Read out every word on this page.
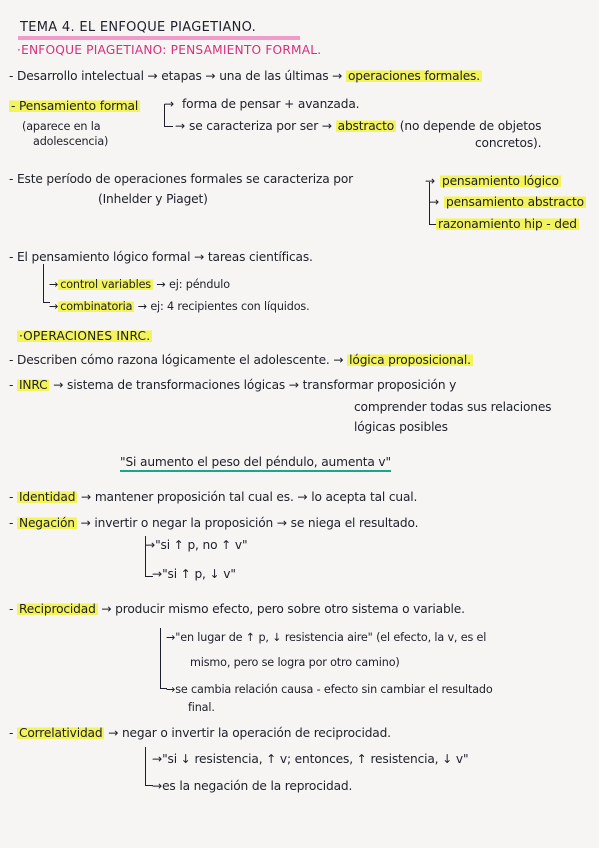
TEMA 4. EL ENFOQUE PIAGETIANO.
·ENFOQUE PIAGETIANO: PENSAMIENTO FORMAL.
- Desarrollo intelectual → etapas → una de las últimas → operaciones formales.
- Pensamiento formal
(aparece en la
adolescencia)
→ forma de pensar + avanzada.
→ se caracteriza por ser → abstracto (no depende de objetos
concretos).
- Este período de operaciones formales se caracteriza por
(Inhelder y Piaget)
→ pensamiento lógico
→ pensamiento abstracto
razonamiento hip - ded
- El pensamiento lógico formal → tareas científicas.
→ control variables → ej: péndulo
→ combinatoria → ej: 4 recipientes con líquidos.
·OPERACIONES INRC.
- Describen cómo razona lógicamente el adolescente. → lógica proposicional.
- INRC → sistema de transformaciones lógicas → transformar proposición y
comprender todas sus relaciones
lógicas posibles
"Si aumento el peso del péndulo, aumenta v"
- Identidad → mantener proposición tal cual es. → lo acepta tal cual.
- Negación → invertir o negar la proposición → se niega el resultado.
→"si ↑ p, no ↑ v"
→"si ↑ p, ↓ v"
- Reciprocidad → producir mismo efecto, pero sobre otro sistema o variable.
→"en lugar de ↑ p, ↓ resistencia aire" (el efecto, la v, es el
mismo, pero se logra por otro camino)
→se cambia relación causa - efecto sin cambiar el resultado
final.
- Correlatividad → negar o invertir la operación de reciprocidad.
→"si ↓ resistencia, ↑ v; entonces, ↑ resistencia, ↓ v"
→es la negación de la reprocidad.
